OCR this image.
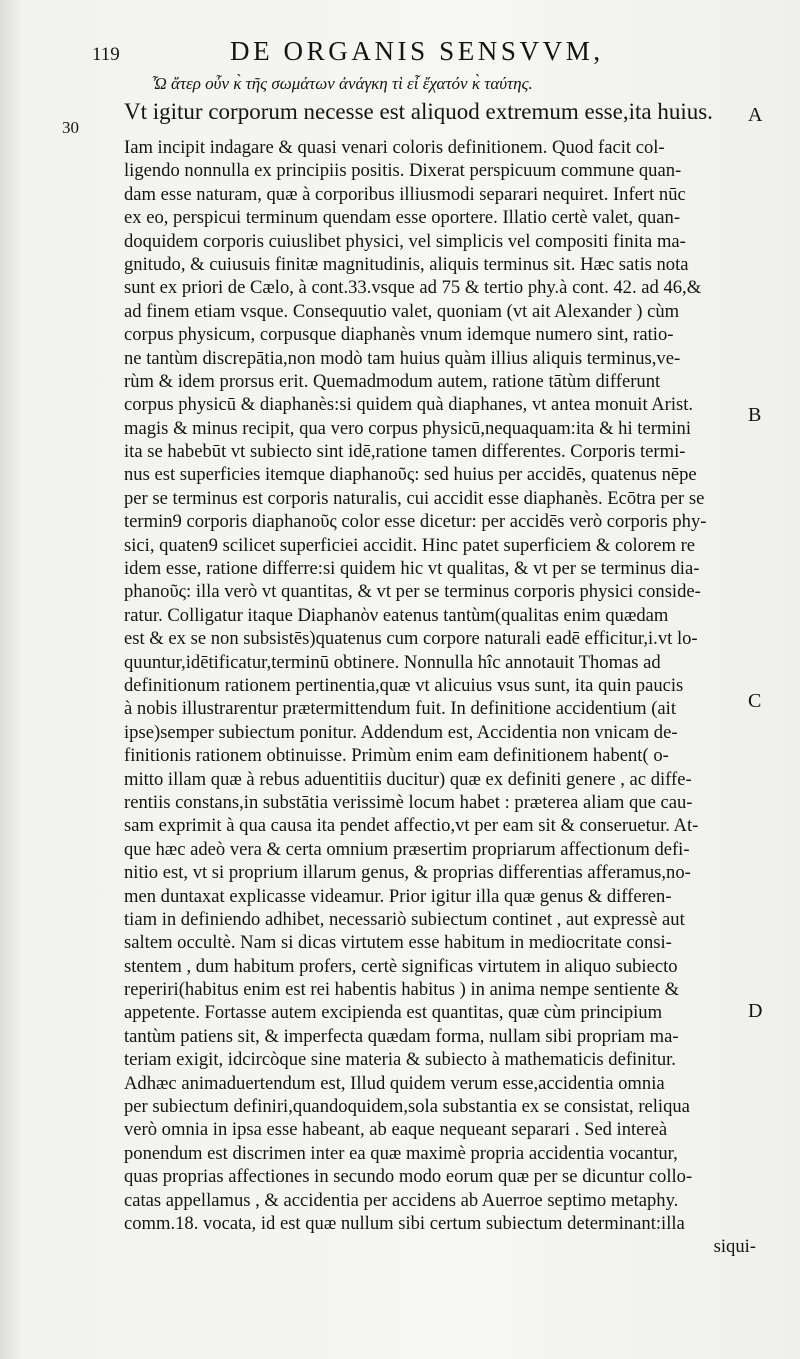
119	DE ORGANIS SENSVVM,
Ὦ ἄτερ οὖν κ̀ τῆς σωμάτων ἀνάγκη τὶ εἶ ἔχατόν κ̀ ταύτης.
30
Vt igitur corporum necesse est aliquod extremum esse,ita huius. A
B
C
D
Iam incipit indagare & quasi venari coloris definitionem. Quod facit col-
ligendo nonnulla ex principiis positis. Dixerat perspicuum commune quan-
dam esse naturam, quæ à corporibus illiusmodi separari nequiret. Infert nūc
ex eo, perspicui terminum quendam esse oportere. Illatio certè valet, quan-
doquidem corporis cuiuslibet physici, vel simplicis vel compositi finita ma-
gnitudo, & cuiusuis finitæ magnitudinis, aliquis terminus sit. Hæc satis nota
sunt ex priori de Cælo, à cont.33.vsque ad 75 & tertio phy.à cont. 42. ad 46,&
ad finem etiam vsque. Consequutio valet, quoniam (vt ait Alexander ) cùm
corpus physicum, corpusque diaphanès vnum idemque numero sint, ratio-
ne tantùm discrepātia,non modò tam huius quàm illius aliquis terminus,ve-
rùm & idem prorsus erit. Quemadmodum autem, ratione tātùm differunt
corpus physicū & diaphanès:si quidem quà diaphanes, vt antea monuit Arist.
magis & minus recipit, qua vero corpus physicū,nequaquam:ita & hi termini
ita se habebūt vt subiecto sint idē,ratione tamen differentes. Corporis termi-
nus est superficies itemque diaphanοῦς: sed huius per accidēs, quatenus nēpe
per se terminus est corporis naturalis, cui accidit esse diaphanès. Ecōtra per se
termin9 corporis diaphanοῦς color esse dicetur: per accidēs verò corporis phy-
sici, quaten9 scilicet superficiei accidit. Hinc patet superficiem & colorem re
idem esse, ratione differre:si quidem hic vt qualitas, & vt per se terminus dia-
phanοῦς: illa verò vt quantitas, & vt per se terminus corporis physici conside-
ratur. Colligatur itaque Diaphanὸν eatenus tantùm(qualitas enim quædam
est & ex se non subsistēs)quatenus cum corpore naturali eadē efficitur,i.vt lo-
quuntur,idētificatur,terminū obtinere. Nonnulla hîc annotauit Thomas ad
definitionum rationem pertinentia,quæ vt alicuius vsus sunt, ita quin paucis
à nobis illustrarentur prætermittendum fuit. In definitione accidentium (ait
ipse)semper subiectum ponitur. Addendum est, Accidentia non vnicam de-
finitionis rationem obtinuisse. Primùm enim eam definitionem habent( o-
mitto illam quæ à rebus aduentitiis ducitur) quæ ex definiti genere , ac diffe-
rentiis constans,in substātia verissimè locum habet : præterea aliam que cau-
sam exprimit à qua causa ita pendet affectio,vt per eam sit & conseruetur. At-
que hæc adeò vera & certa omnium præsertim propriarum affectionum defi-
nitio est, vt si proprium illarum genus, & proprias differentias afferamus,no-
men duntaxat explicasse videamur. Prior igitur illa quæ genus & differen-
tiam in definiendo adhibet, necessariò subiectum continet , aut expressè aut
saltem occultè. Nam si dicas virtutem esse habitum in mediocritate consi-
stentem , dum habitum profers, certè significas virtutem in aliquo subiecto
reperiri(habitus enim est rei habentis habitus ) in anima nempe sentiente &
appetente. Fortasse autem excipienda est quantitas, quæ cùm principium
tantùm patiens sit, & imperfecta quædam forma, nullam sibi propriam ma-
teriam exigit, idcircòque sine materia & subiecto à mathematicis definitur.
Adhæc animaduertendum est, Illud quidem verum esse,accidentia omnia
per subiectum definiri,quandoquidem,sola substantia ex se consistat, reliqua
verò omnia in ipsa esse habeant, ab eaque nequeant separari . Sed intereà
ponendum est discrimen inter ea quæ maximè propria accidentia vocantur,
quas proprias affectiones in secundo modo eorum quæ per se dicuntur collo-
catas appellamus , & accidentia per accidens ab Auerroe septimo metaphy.
comm.18. vocata, id est quæ nullum sibi certum subiectum determinant:illa
siqui-
